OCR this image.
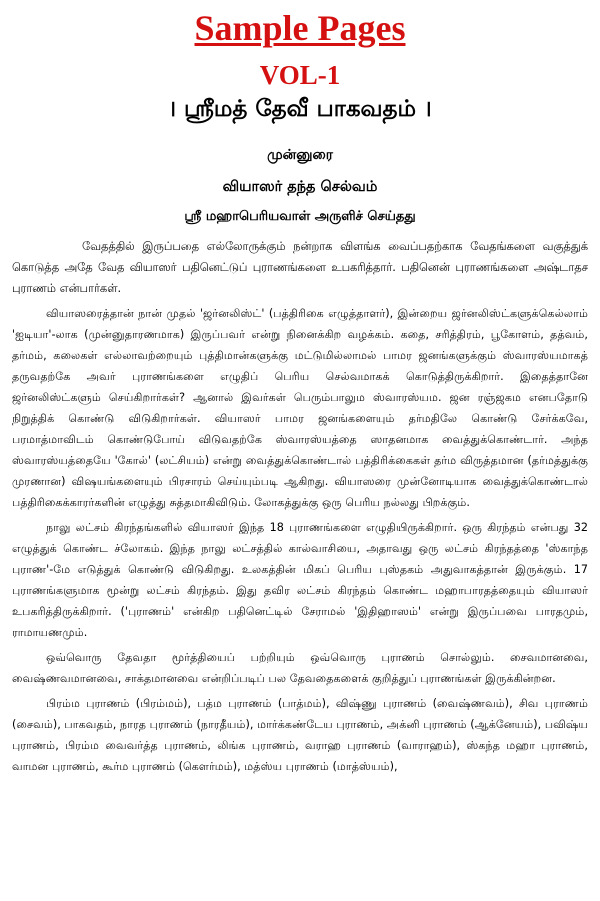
Sample Pages
VOL-1
। ஸ்ரீமத் தேவீ பாகவதம் ।
முன்னுரை
வியாஸர் தந்த செல்வம்
ஸ்ரீ மஹாபெரியவாள் அருளிச் செய்தது

வேதத்தில் இருப்பதை எல்லோருக்கும் நன்றாக விளங்க வைப்பதற்காக வேதங்களை வகுத்துக் கொடுத்த அதே வேத வியாஸர் பதினெட்டுப் புராணங்களை உபகரித்தார். பதினென் புராணங்களை அஷ்டாதச புராணம் என்பார்கள்.

வியாஸரைத்தான் நான் முதல் 'ஜர்னலிஸ்ட்' (பத்திரிகை எழுத்தாளர்), இன்றைய ஜர்னலிஸ்ட்களுக்கெல்லாம் 'ஐடியா'-லாக (முன்னுதாரணமாக) இருப்பவர் என்று நினைக்கிற வழக்கம். கதை, சரித்திரம், பூகோளம், தத்வம், தர்மம், கலைகள் எல்லாவற்றையும் புத்திமான்களுக்கு மட்டுமில்லாமல் பாமர ஜனங்களுக்கும் ஸ்வாரஸ்யமாகத் தருவதற்கே அவர் புராணங்களை எழுதிப் பெரிய செல்வமாகக் கொடுத்திருக்கிறார். இதைத்தானே ஜர்னலிஸ்ட்களும் செய்கிறார்கள்? ஆனால் இவர்கள் பெரும்பாலும ஸ்வாரஸ்யம. ஜன ரஞ்ஜகம எனபதோடு நிறுத்திக் கொண்டு விடுகிறார்கள். வியாஸர் பாமர ஜனங்களையும் தர்மதிலே கொண்டு சேர்க்கவே, பரமாத்மாவிடம் கொண்டுபோய் விடுவதற்கே ஸ்வாரஸ்யத்தை ஸாதனமாக வைத்துக்கொண்டார். அந்த ஸ்வாரஸ்யத்தையே 'கோல்' (லட்சியம்) என்று வைத்துக்கொண்டால் பத்திரிக்கைகள் தர்ம விருத்தமான (தர்மத்துக்கு முரணான) விஷயங்களையும் பிரசாரம் செய்யும்படி ஆகிறது. வியாஸரை முன்னோடியாக வைத்துக்கொண்டால் பத்திரிகைக்காரர்களின் எழுத்து சுத்தமாகிவிடும். லோகத்துக்கு ஒரு பெரிய நல்லது பிறக்கும்.

நாலு லட்சம் கிரந்தங்களில் வியாஸர் இந்த 18 புராணங்களை எழுதியிருக்கிறார். ஒரு கிரந்தம் என்பது 32 எழுத்துக் கொண்ட ச்லோகம். இந்த நாலு லட்சத்தில் கால்வாசியை, அதாவது ஒரு லட்சம் கிரந்தத்தை 'ஸ்காந்த புராண'-மே எடுத்துக் கொண்டு விடுகிறது. உலகத்தின் மிகப் பெரிய புஸ்தகம் அதுவாகத்தான் இருக்கும். 17 புராணங்களுமாக மூன்று லட்சம் கிரந்தம். இது தவிர லட்சம் கிரந்தம் கொண்ட மஹாபாரதத்தையும் வியாஸர் உபகரித்திருக்கிறார். ('புராணம்' என்கிற பதினெட்டில் சேராமல் 'இதிஹாஸம்' என்று இருப்பவை பாரதமும், ராமாயணமும்.

ஒவ்வொரு தேவதா மூர்த்தியைப் பற்றியும் ஒவ்வொரு புராணம் சொல்லும். சைவமானவை, வைஷ்ணவமானவை, சாக்தமானவை என்றிப்படிப் பல தேவதைகளைக் குறித்துப் புராணங்கள் இருக்கின்றன.

பிரம்ம புராணம் (பிரம்மம்), பத்ம புராணம் (பாத்மம்), விஷ்ணு புராணம் (வைஷ்ணவம்), சிவ புராணம் (சைவம்), பாகவதம், நாரத புராணம் (நாரதீயம்), மார்க்கண்டேய புராணம், அக்னி புராணம் (ஆக்னேயம்), பவிஷ்ய புராணம், பிரம்ம வைவர்த்த புராணம், லிங்க புராணம், வராஹ புராணம் (வாராஹம்), ஸ்கந்த மஹா புராணம், வாமன புராணம், கூர்ம புராணம் (கௌர்மம்), மத்ஸ்ய புராணம் (மாத்ஸ்யம்),
